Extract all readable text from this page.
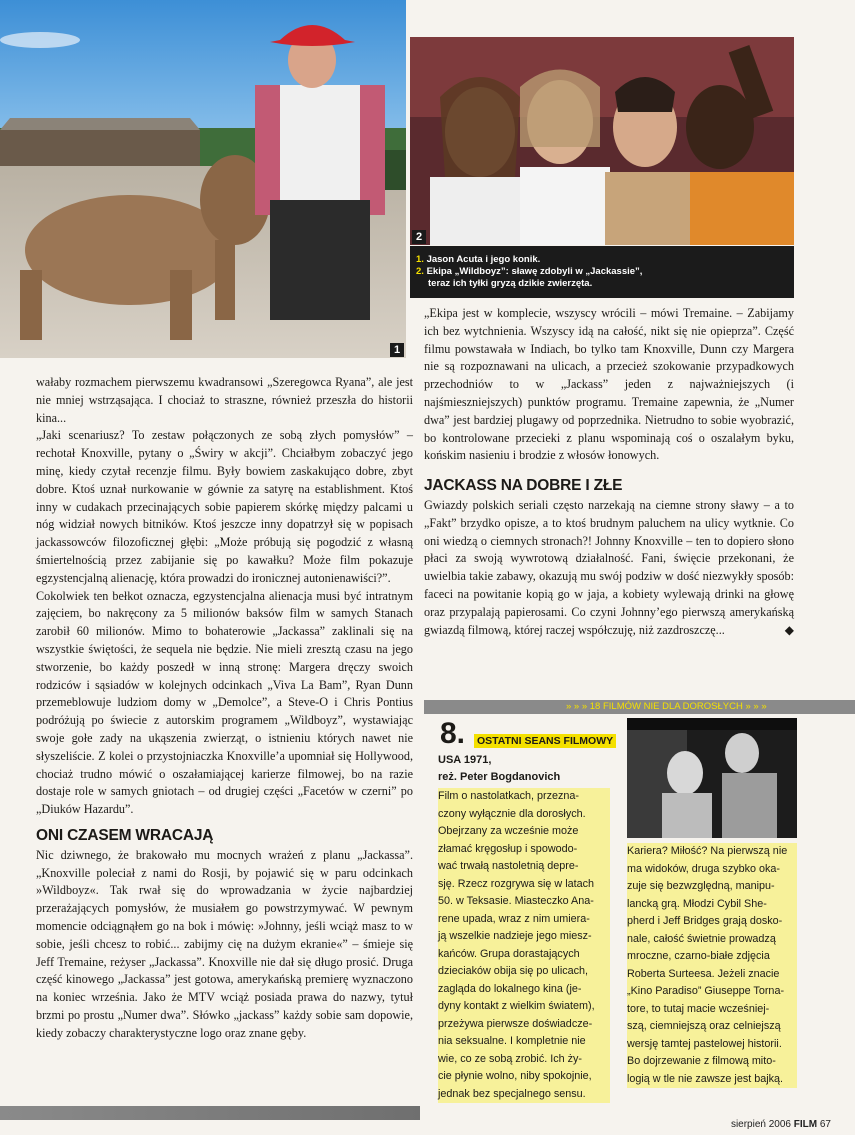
1
2
1. Jason Acuta i jego konik.
2. Ekipa „Wildboyz”: sławę zdobyli w „Jackassie”,
teraz ich tyłki gryzą dzikie zwierzęta.

wałaby rozmachem pierwszemu kwadransowi „Szeregowca Ryana”, ale jest nie mniej wstrząsająca. I chociaż to straszne, również przeszła do historii kina...

„Jaki scenariusz? To zestaw połączonych ze sobą złych pomysłów” – rechotał Knoxville, pytany o „Świry w akcji”. Chciałbym zobaczyć jego minę, kiedy czytał recenzje filmu. Były bowiem zaskakująco dobre, zbyt dobre. Ktoś uznał nurkowanie w gównie za satyrę na establishment. Ktoś inny w cudakach przecinających sobie papierem skórkę między palcami u nóg widział nowych bitników. Ktoś jeszcze inny dopatrzył się w popisach jackassowców filozoficznej głębi: „Może próbują się pogodzić z własną śmiertelnością przez zabijanie się po kawałku? Może film pokazuje egzystencjalną alienację, która prowadzi do ironicznej autonienawiści?”.

Cokolwiek ten bełkot oznacza, egzystencjalna alienacja musi być intratnym zajęciem, bo nakręcony za 5 milionów baksów film w samych Stanach zarobił 60 milionów. Mimo to bohaterowie „Jackassa” zaklinali się na wszystkie świętości, że sequela nie będzie. Nie mieli zresztą czasu na jego stworzenie, bo każdy poszedł w inną stronę: Margera dręczy swoich rodziców i sąsiadów w kolejnych odcinkach „Viva La Bam”, Ryan Dunn przemeblowuje ludziom domy w „Demolce”, a Steve-O i Chris Pontius podróżują po świecie z autorskim programem „Wildboyz”, wystawiając swoje gołe zady na ukąszenia zwierząt, o istnieniu których nawet nie słyszeliście. Z kolei o przystojniaczka Knoxville’a upomniał się Hollywood, chociaż trudno mówić o oszałamiającej karierze filmowej, bo na razie dostaje role w samych gniotach – od drugiej części „Facetów w czerni” po „Diuków Hazardu”.

ONI CZASEM WRACAJĄ

Nic dziwnego, że brakowało mu mocnych wrażeń z planu „Jackassa”. „Knoxville poleciał z nami do Rosji, by pojawić się w paru odcinkach »Wildboyz«. Tak rwał się do wprowadzania w życie najbardziej przerażających pomysłów, że musiałem go powstrzymywać. W pewnym momencie odciągnąłem go na bok i mówię: »Johnny, jeśli wciąż masz to w sobie, jeśli chcesz to robić... zabijmy cię na dużym ekranie«” – śmieje się Jeff Tremaine, reżyser „Jackassa”. Knoxville nie dał się długo prosić. Druga część kinowego „Jackassa” jest gotowa, amerykańską premierę wyznaczono na koniec września. Jako że MTV wciąż posiada prawa do nazwy, tytuł brzmi po prostu „Numer dwa”. Słówko „jackass” każdy sobie sam dopowie, kiedy zobaczy charakterystyczne logo oraz znane gęby.

„Ekipa jest w komplecie, wszyscy wrócili – mówi Tremaine. – Zabijamy ich bez wytchnienia. Wszyscy idą na całość, nikt się nie opieprza”. Część filmu powstawała w Indiach, bo tylko tam Knoxville, Dunn czy Margera nie są rozpoznawani na ulicach, a przecież szokowanie przypadkowych przechodniów to w „Jackass” jeden z najważniejszych (i najśmieszniejszych) punktów programu. Tremaine zapewnia, że „Numer dwa” jest bardziej plugawy od poprzednika. Nietrudno to sobie wyobrazić, bo kontrolowane przecieki z planu wspominają coś o oszalałym byku, końskim nasieniu i brodzie z włosów łonowych.

JACKASS NA DOBRE I ZŁE

Gwiazdy polskich seriali często narzekają na ciemne strony sławy – a to „Fakt” brzydko opisze, a to ktoś brudnym paluchem na ulicy wytknie. Co oni wiedzą o ciemnych stronach?! Johnny Knoxville – ten to dopiero słono płaci za swoją wywrotową działalność. Fani, święcie przekonani, że uwielbia takie zabawy, okazują mu swój podziw w dość niezwykły sposób: faceci na powitanie kopią go w jaja, a kobiety wylewają drinki na głowę oraz przypalają papierosami. Co czyni Johnny’ego pierwszą amerykańską gwiazdą filmową, której raczej współczuję, niż zazdroszczę...	◆

» » » 18 FILMÓW NIE DLA DOROSŁYCH » » »
8. OSTATNI SEANS FILMOWY
USA 1971,
reż. Peter Bogdanovich
Film o nastolatkach, przezna-
czony wyłącznie dla dorosłych.
Obejrzany za wcześnie może
złamać kręgosłup i spowodo-
wać trwałą nastoletnią depre-
sję. Rzecz rozgrywa się w latach
50. w Teksasie. Miasteczko Ana-
rene upada, wraz z nim umiera-
ją wszelkie nadzieje jego miesz-
kańców. Grupa dorastających
dzieciaków obija się po ulicach,
zagląda do lokalnego kina (je-
dyny kontakt z wielkim światem),
przeżywa pierwsze doświadcze-
nia seksualne. I kompletnie nie
wie, co ze sobą zrobić. Ich ży-
cie płynie wolno, niby spokojnie,
jednak bez specjalnego sensu.
Kariera? Miłość? Na pierwszą nie
ma widoków, druga szybko oka-
zuje się bezwzględną, manipu-
lancką grą. Młodzi Cybil She-
pherd i Jeff Bridges grają dosko-
nale, całość świetnie prowadzą
mroczne, czarno-białe zdjęcia
Roberta Surteesa. Jeżeli znacie
„Kino Paradiso” Giuseppe Torna-
tore, to tutaj macie wcześniej-
szą, ciemniejszą oraz celniejszą
wersję tamtej pastelowej historii.
Bo dojrzewanie z filmową mito-
logią w tle nie zawsze jest bajką.
sierpień 2006 FILM 67
